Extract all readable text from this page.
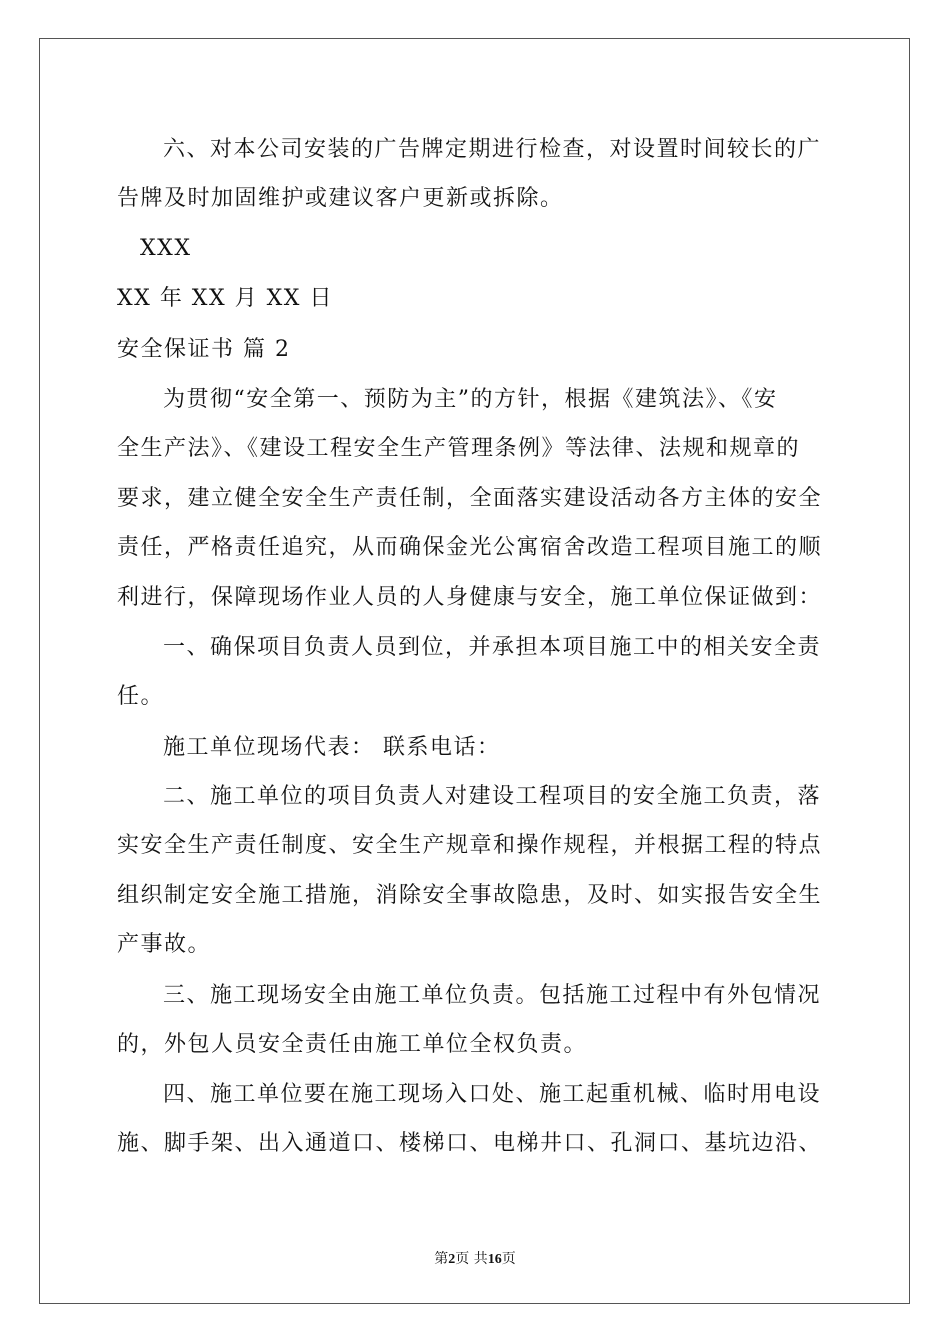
六、对本公司安装的广告牌定期进行检查，对设置时间较长的广

告牌及时加固维护或建议客户更新或拆除。

XXX

XX 年 XX 月 XX 日

安全保证书 篇 2

为贯彻“安全第一、预防为主”的方针，根据《建筑法》、《安

全生产法》、《建设工程安全生产管理条例》等法律、法规和规章的

要求，建立健全安全生产责任制，全面落实建设活动各方主体的安全

责任，严格责任追究，从而确保金光公寓宿舍改造工程项目施工的顺

利进行，保障现场作业人员的人身健康与安全，施工单位保证做到：

一、确保项目负责人员到位，并承担本项目施工中的相关安全责

任。

施工单位现场代表： 联系电话：

二、施工单位的项目负责人对建设工程项目的安全施工负责，落

实安全生产责任制度、安全生产规章和操作规程，并根据工程的特点

组织制定安全施工措施，消除安全事故隐患，及时、如实报告安全生

产事故。

三、施工现场安全由施工单位负责。包括施工过程中有外包情况

的，外包人员安全责任由施工单位全权负责。

四、施工单位要在施工现场入口处、施工起重机械、临时用电设

施、脚手架、出入通道口、楼梯口、电梯井口、孔洞口、基坑边沿、

第2页 共16页
